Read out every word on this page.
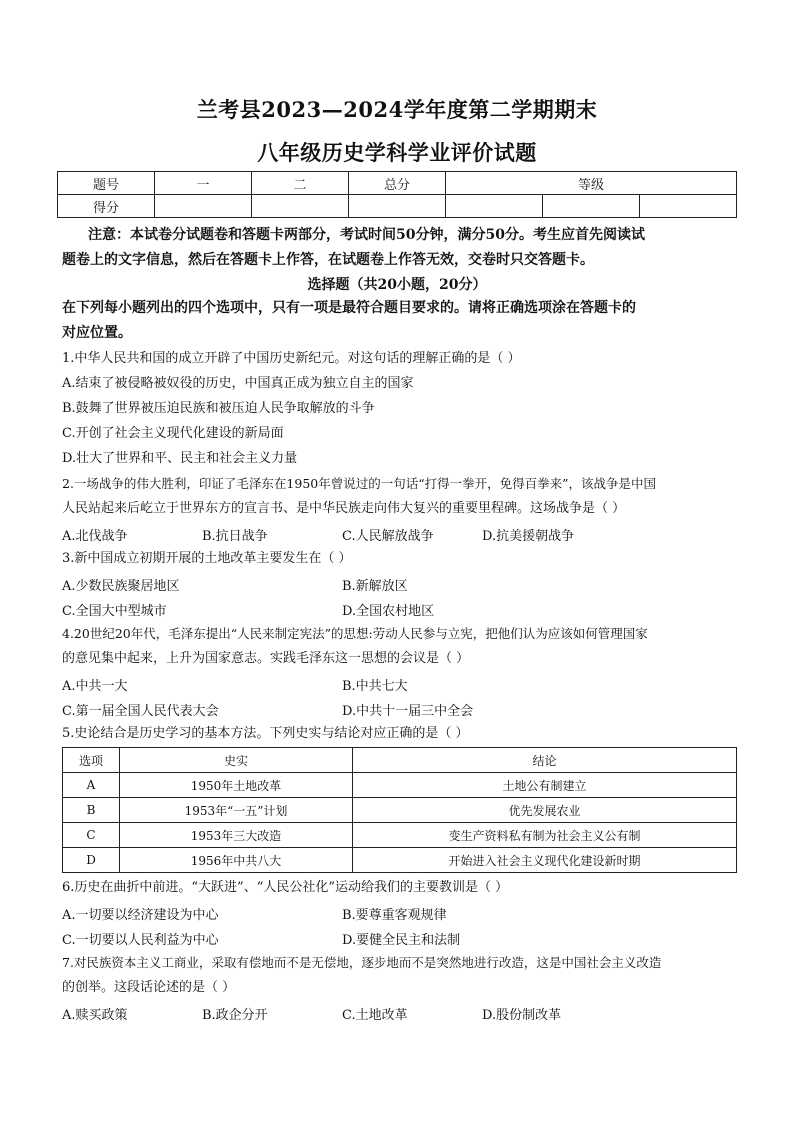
兰考县2023—2024学年度第二学期期末
八年级历史学科学业评价试题
题号	一	二	总分	等级		
得分						
注意：本试卷分试题卷和答题卡两部分，考试时间50分钟，满分50分。考生应首先阅读试
题卷上的文字信息，然后在答题卡上作答，在试题卷上作答无效，交卷时只交答题卡。
选择题（共20小题，20分）
在下列每小题列出的四个选项中，只有一项是最符合题目要求的。请将正确选项涂在答题卡的
对应位置。
1.中华人民共和国的成立开辟了中国历史新纪元。对这句话的理解正确的是（ ）
A.结束了被侵略被奴役的历史，中国真正成为独立自主的国家
B.鼓舞了世界被压迫民族和被压迫人民争取解放的斗争
C.开创了社会主义现代化建设的新局面
D.壮大了世界和平、民主和社会主义力量
2.一场战争的伟大胜利，印证了毛泽东在1950年曾说过的一句话“打得一拳开，免得百拳来”，该战争是中国
人民站起来后屹立于世界东方的宣言书、是中华民族走向伟大复兴的重要里程碑。这场战争是（ ）
A.北伐战争	B.抗日战争	C.人民解放战争	D.抗美援朝战争
3.新中国成立初期开展的土地改革主要发生在（ ）
A.少数民族聚居地区	B.新解放区
C.全国大中型城市	D.全国农村地区
4.20世纪20年代，毛泽东提出“人民来制定宪法”的思想:劳动人民参与立宪，把他们认为应该如何管理国家
的意见集中起来，上升为国家意志。实践毛泽东这一思想的会议是（ ）
A.中共一大	B.中共七大
C.第一届全国人民代表大会	D.中共十一届三中全会
5.史论结合是历史学习的基本方法。下列史实与结论对应正确的是（ ）
选项	史实	结论
A	1950年土地改革	土地公有制建立
B	1953年“一五”计划	优先发展农业
C	1953年三大改造	变生产资料私有制为社会主义公有制
D	1956年中共八大	开始进入社会主义现代化建设新时期
6.历史在曲折中前进。“大跃进”、“人民公社化”运动给我们的主要教训是（ ）
A.一切要以经济建设为中心	B.要尊重客观规律
C.一切要以人民利益为中心	D.要健全民主和法制
7.对民族资本主义工商业，采取有偿地而不是无偿地，逐步地而不是突然地进行改造，这是中国社会主义改造
的创举。这段话论述的是（ ）
A.赎买政策	B.政企分开	C.土地改革	D.股份制改革
